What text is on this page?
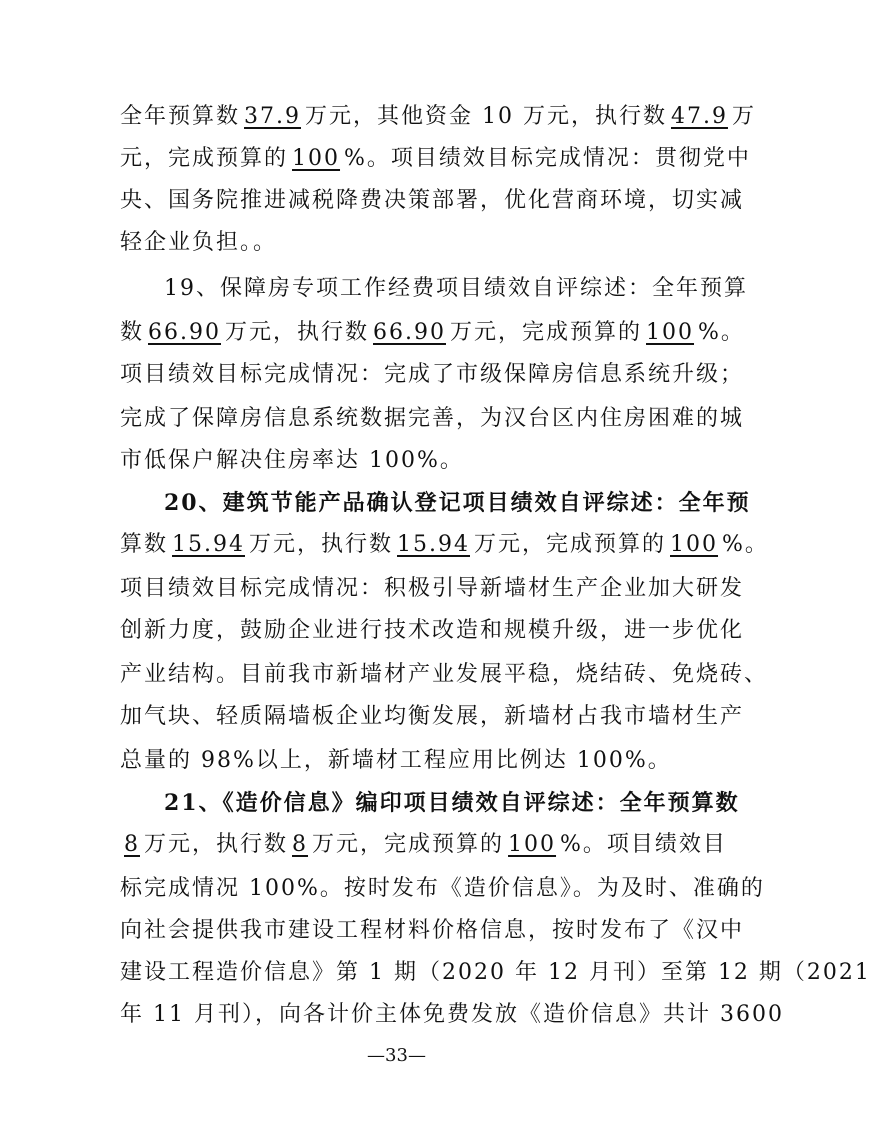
全年预算数 37.9 万元，其他资金 10 万元，执行数 47.9 万
元，完成预算的 100 %。项目绩效目标完成情况：贯彻党中
央、国务院推进减税降费决策部署，优化营商环境，切实减
轻企业负担。。
19、保障房专项工作经费项目绩效自评综述：全年预算
数 66.90 万元，执行数 66.90 万元，完成预算的 100 %。
项目绩效目标完成情况：完成了市级保障房信息系统升级；
完成了保障房信息系统数据完善，为汉台区内住房困难的城
市低保户解决住房率达 100%。
20、建筑节能产品确认登记项目绩效自评综述：全年预
算数 15.94 万元，执行数 15.94 万元，完成预算的 100 %。
项目绩效目标完成情况：积极引导新墙材生产企业加大研发
创新力度，鼓励企业进行技术改造和规模升级，进一步优化
产业结构。目前我市新墙材产业发展平稳，烧结砖、免烧砖、
加气块、轻质隔墙板企业均衡发展，新墙材占我市墙材生产
总量的 98%以上，新墙材工程应用比例达 100%。
21、《造价信息》编印项目绩效自评综述：全年预算数
8 万元，执行数 8 万元，完成预算的 100 %。项目绩效目
标完成情况 100%。按时发布《造价信息》。为及时、准确的
向社会提供我市建设工程材料价格信息，按时发布了《汉中
建设工程造价信息》第 1 期（2020 年 12 月刊）至第 12 期（2021
年 11 月刊），向各计价主体免费发放《造价信息》共计 3600
—33—
